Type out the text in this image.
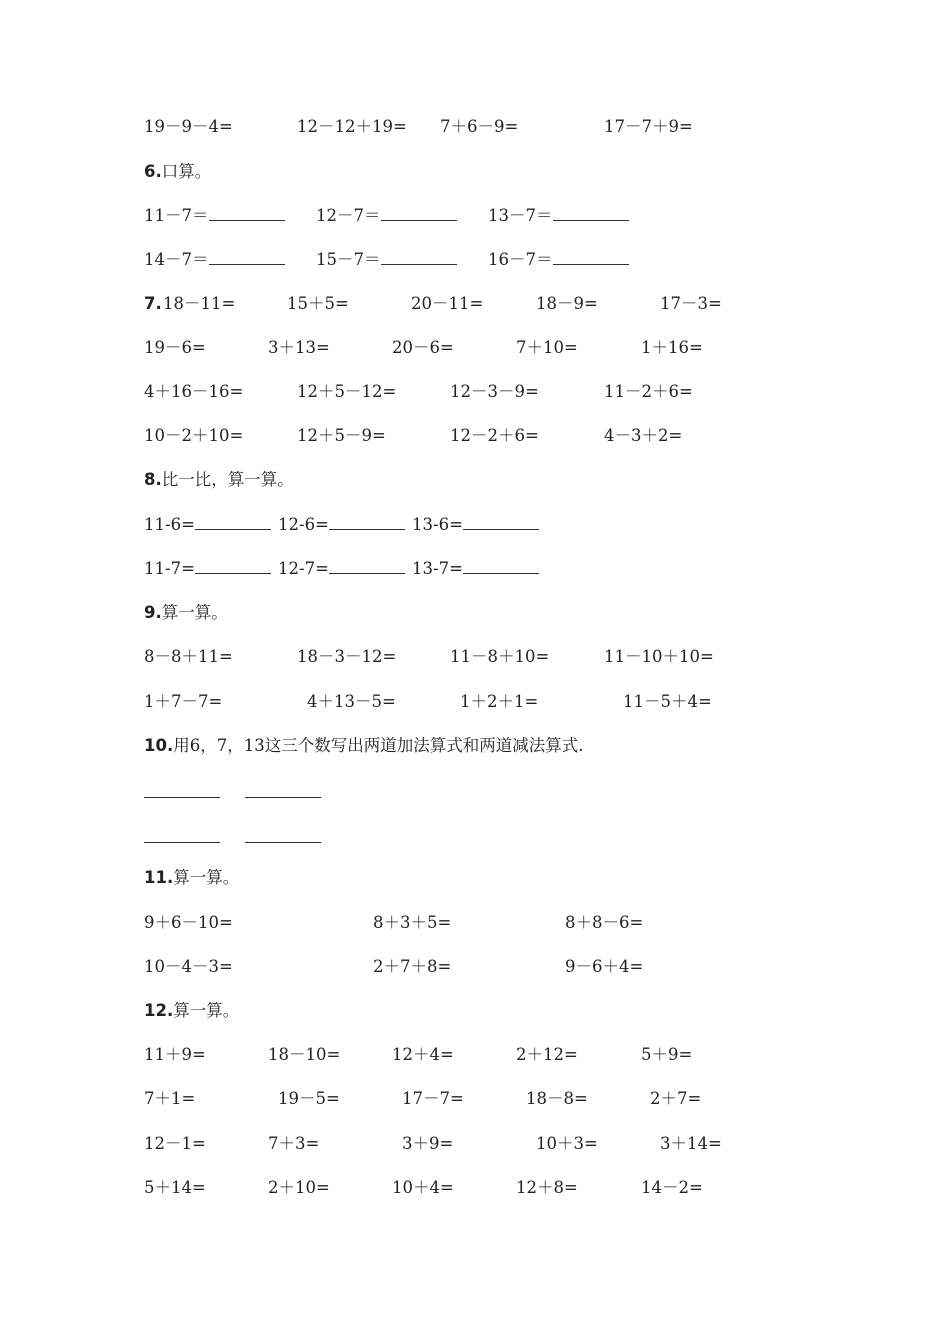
19－9－4=	12－12＋19= 7＋6－9=	17－7＋9=
6.口算。
11－7＝	12－7＝	13－7＝
14－7＝	15－7＝	16－7＝
7. 18－11=	15＋5=	20－11=	18－9=	17－3=
19－6=	3＋13=	20－6=	7＋10=	1＋16=
4＋16－16=	12＋5－12=	12－3－9=	11－2＋6=
10－2＋10=	12＋5－9=	12－2＋6=	4－3＋2=
8.比一比，算一算。
11-6=	12-6=	13-6=
11-7=	12-7=	13-7=
9.算一算。
8－8＋11=	18－3－12=	11－8＋10=	11－10＋10=
1＋7－7=	4＋13－5=	1＋2＋1=	11－5＋4=
10.用6，7，13这三个数写出两道加法算式和两道减法算式.
11.算一算。
9＋6－10=	8＋3＋5=	8＋8－6=
10－4－3=	2＋7＋8=	9－6＋4=
12.算一算。
11＋9=	18－10=	12＋4=	2＋12=	5＋9=
7＋1=	19－5=	17－7=	18－8=	2＋7=
12－1=	7＋3=	3＋9=	10＋3=	3＋14=
5＋14=	2＋10=	10＋4=	12＋8=	14－2=
